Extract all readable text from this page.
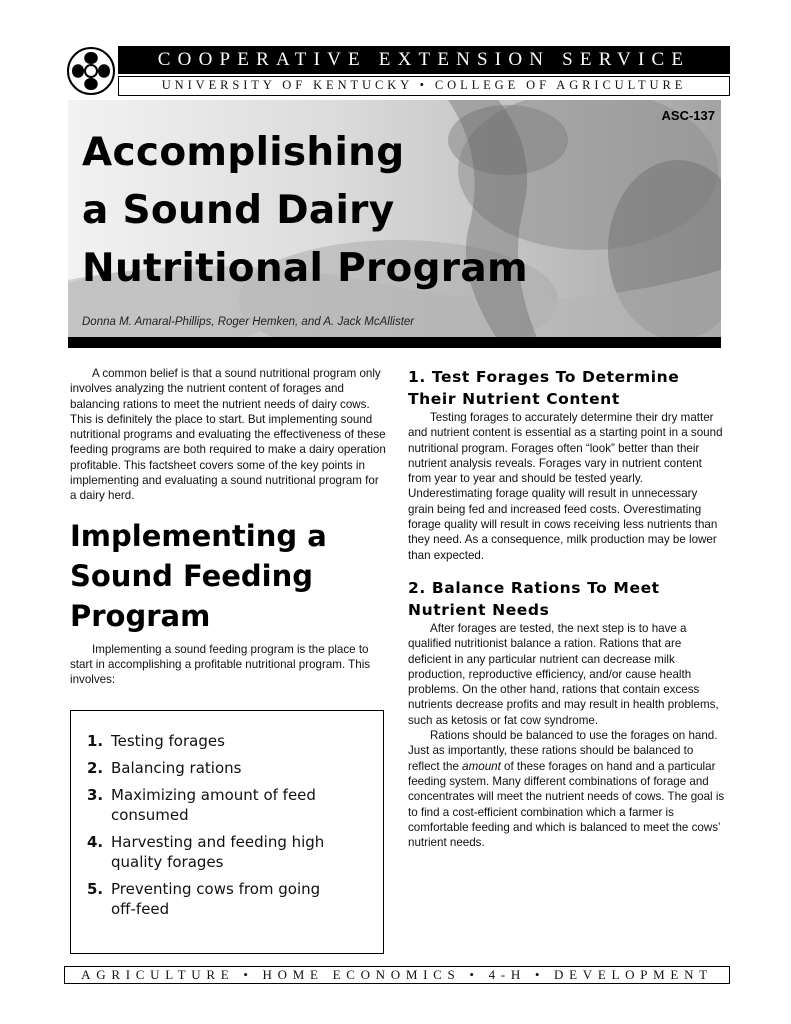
COOPERATIVE EXTENSION SERVICE
UNIVERSITY OF KENTUCKY • COLLEGE OF AGRICULTURE
ASC-137
Accomplishing
a Sound Dairy
Nutritional Program
Donna M. Amaral-Phillips, Roger Hemken, and A. Jack McAllister

A common belief is that a sound nutritional program only involves analyzing the nutrient content of forages and balancing rations to meet the nutrient needs of dairy cows. This is definitely the place to start. But implementing sound nutritional programs and evaluating the effectiveness of these feeding programs are both required to make a dairy operation profitable. This factsheet covers some of the key points in implementing and evaluating a sound nutritional program for a dairy herd.

Implementing a Sound Feeding Program

Implementing a sound feeding program is the place to start in accomplishing a profitable nutritional program. This involves:

1. Testing forages
2. Balancing rations
3. Maximizing amount of feed consumed
4. Harvesting and feeding high quality forages
5. Preventing cows from going off-feed
1. Test Forages To Determine Their Nutrient Content

Testing forages to accurately determine their dry matter and nutrient content is essential as a starting point in a sound nutritional program. Forages often “look” better than their nutrient analysis reveals. Forages vary in nutrient content from year to year and should be tested yearly. Underestimating forage quality will result in unnecessary grain being fed and increased feed costs. Overestimating forage quality will result in cows receiving less nutrients than they need. As a consequence, milk production may be lower than expected.

2. Balance Rations To Meet Nutrient Needs

After forages are tested, the next step is to have a qualified nutritionist balance a ration. Rations that are deficient in any particular nutrient can decrease milk production, reproductive efficiency, and/or cause health problems. On the other hand, rations that contain excess nutrients decrease profits and may result in health problems, such as ketosis or fat cow syndrome.

Rations should be balanced to use the forages on hand. Just as importantly, these rations should be balanced to reflect the amount of these forages on hand and a particular feeding system. Many different combinations of forage and concentrates will meet the nutrient needs of cows. The goal is to find a cost-efficient combination which a farmer is comfortable feeding and which is balanced to meet the cows’ nutrient needs.

AGRICULTURE • HOME ECONOMICS • 4-H • DEVELOPMENT
